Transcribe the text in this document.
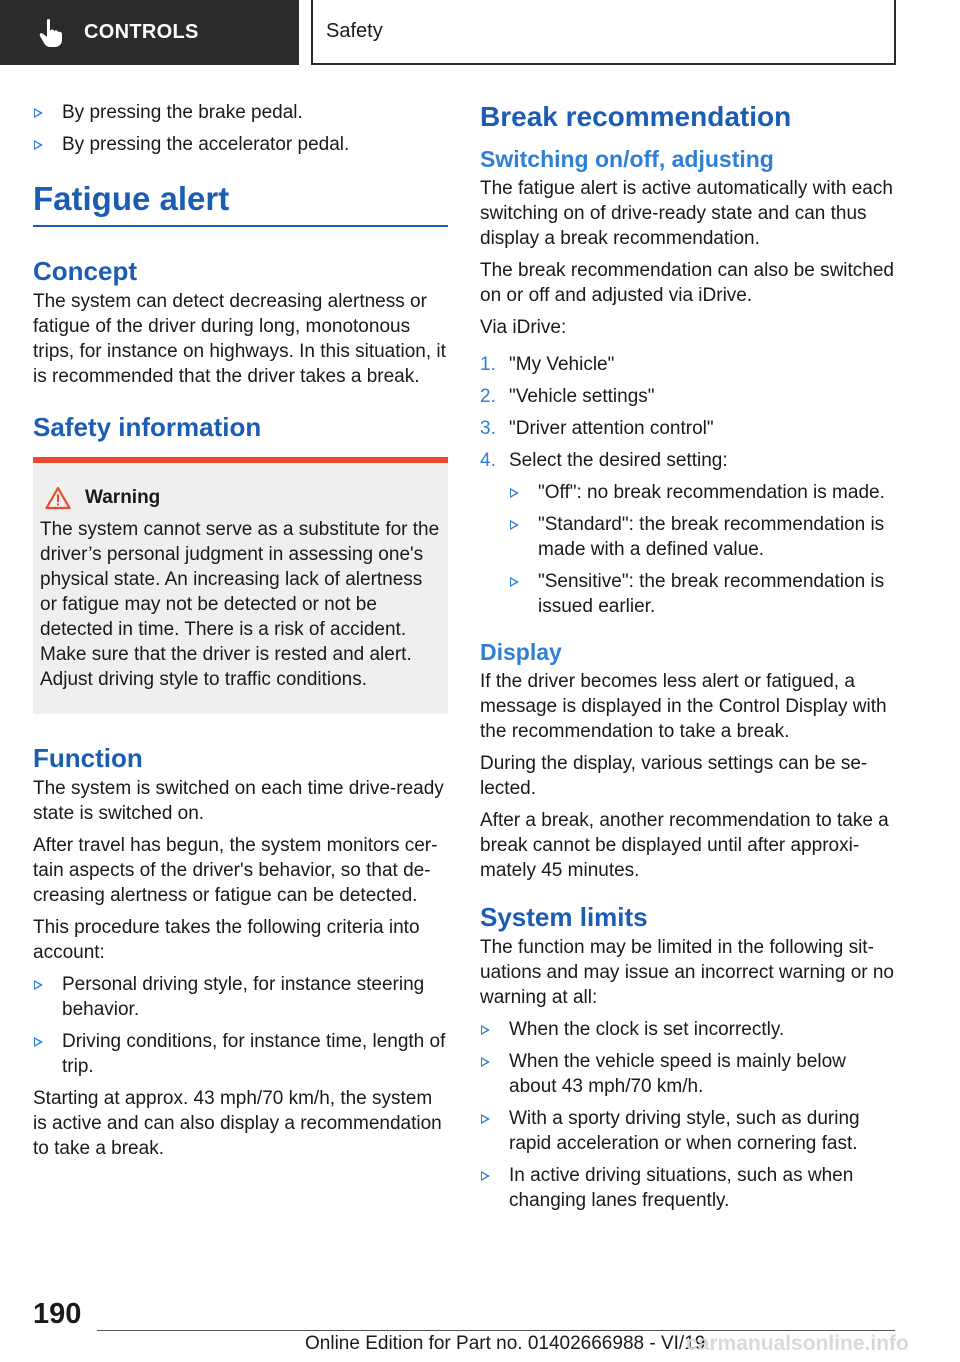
CONTROLS	Safety
By pressing the brake pedal.
By pressing the accelerator pedal.
Fatigue alert
Concept

The system can detect decreasing alertness or fatigue of the driver during long, monotonous trips, for instance on highways. In this situation, it is recommended that the driver takes a break.

Safety information
Warning

The system cannot serve as a substitute for the driver’s personal judgment in assessing one's physical state. An increasing lack of alertness or fatigue may not be detected or not be detected in time. There is a risk of accident. Make sure that the driver is rested and alert. Adjust driving style to traffic conditions.

Function

The system is switched on each time drive-ready state is switched on.

After travel has begun, the system monitors cer‐tain aspects of the driver's behavior, so that de‐creasing alertness or fatigue can be detected.

This procedure takes the following criteria into account:

Personal driving style, for instance steering behavior.
Driving conditions, for instance time, length of trip.

Starting at approx. 43 mph/70 km/h, the system is active and can also display a recommendation to take a break.

Break recommendation
Switching on/off, adjusting

The fatigue alert is active automatically with each switching on of drive-ready state and can thus display a break recommendation.

The break recommendation can also be switched on or off and adjusted via iDrive.

Via iDrive:

1. "My Vehicle"
2. "Vehicle settings"
3. "Driver attention control"
4. Select the desired setting:
"Off": no break recommendation is made.
"Standard": the break recommendation is made with a defined value.
"Sensitive": the break recommendation is issued earlier.
Display

If the driver becomes less alert or fatigued, a message is displayed in the Control Display with the recommendation to take a break.

During the display, various settings can be se‐lected.

After a break, another recommendation to take a break cannot be displayed until after approxi‐mately 45 minutes.

System limits

The function may be limited in the following sit‐uations and may issue an incorrect warning or no warning at all:

When the clock is set incorrectly.
When the vehicle speed is mainly below about 43 mph/70 km/h.
With a sporty driving style, such as during rapid acceleration or when cornering fast.
In active driving situations, such as when changing lanes frequently.
190
Online Edition for Part no. 01402666988 - VI/19
carmanualsonline.info
